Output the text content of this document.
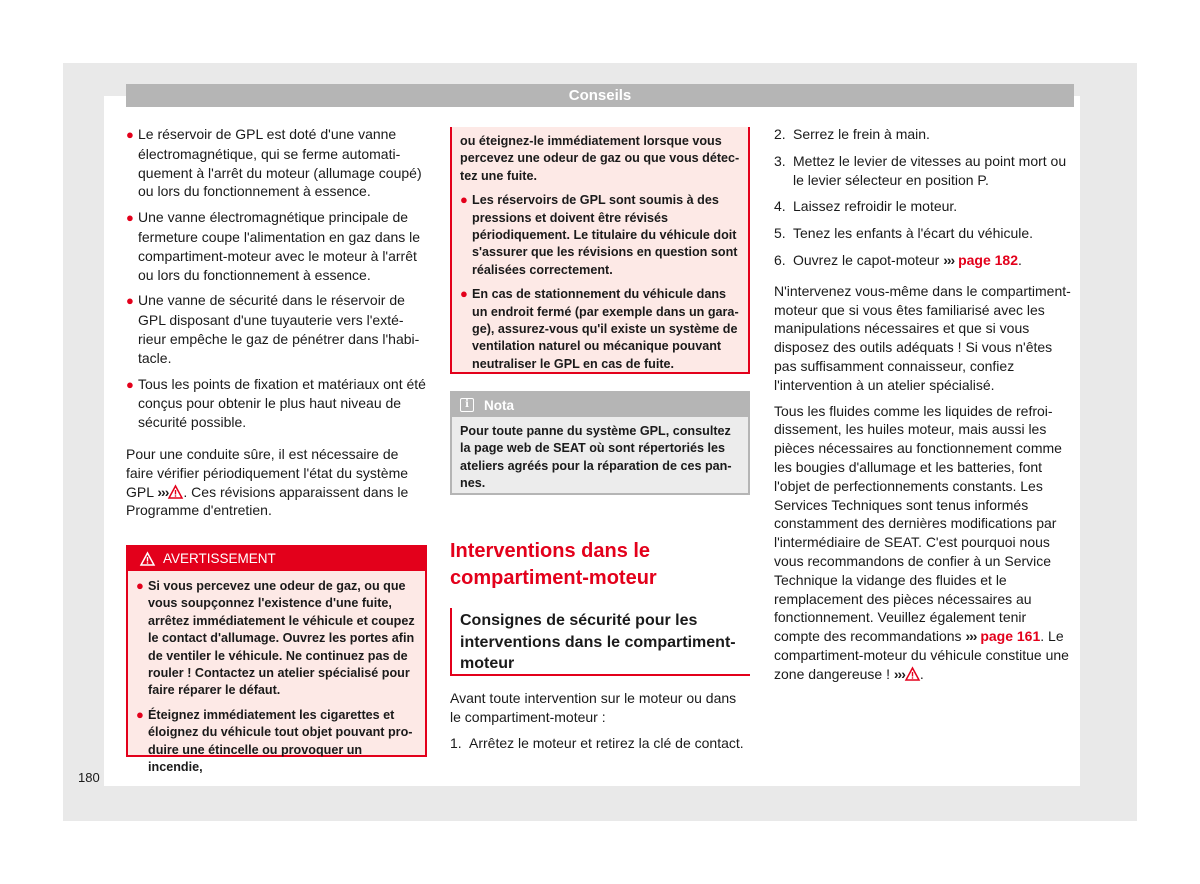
Conseils

● Le réservoir de GPL est doté d'une vanne électromagnétique, qui se ferme automatiquement à l'arrêt du moteur (allumage coupé) ou lors du fonctionnement à essence.

● Une vanne électromagnétique principale de fermeture coupe l'alimentation en gaz dans le compartiment-moteur avec le moteur à l'arrêt ou lors du fonctionnement à essence.

● Une vanne de sécurité dans le réservoir de GPL disposant d'une tuyauterie vers l'extérieur empêche le gaz de pénétrer dans l'habitacle.

● Tous les points de fixation et matériaux ont été conçus pour obtenir le plus haut niveau de sécurité possible.

Pour une conduite sûre, il est nécessaire de faire vérifier périodiquement l'état du système GPL ››› . Ces révisions apparaissent dans le Programme d'entretien.

AVERTISSEMENT

● Si vous percevez une odeur de gaz, ou que vous soupçonnez l'existence d'une fuite, arrêtez immédiatement le véhicule et coupez le contact d'allumage. Ouvrez les portes afin de ventiler le véhicule. Ne continuez pas de rouler ! Contactez un atelier spécialisé pour faire réparer le défaut.

● Éteignez immédiatement les cigarettes et éloignez du véhicule tout objet pouvant produire une étincelle ou provoquer un incendie,

ou éteignez-le immédiatement lorsque vous percevez une odeur de gaz ou que vous détectez une fuite.

● Les réservoirs de GPL sont soumis à des pressions et doivent être révisés périodiquement. Le titulaire du véhicule doit s'assurer que les révisions en question sont réalisées correctement.

● En cas de stationnement du véhicule dans un endroit fermé (par exemple dans un garage), assurez-vous qu'il existe un système de ventilation naturel ou mécanique pouvant neutraliser le GPL en cas de fuite.

i	Nota
Pour toute panne du système GPL, consultez la page web de SEAT où sont répertoriés les ateliers agréés pour la réparation de ces pannes.
Interventions dans le compartiment-moteur
Consignes de sécurité pour les interventions dans le compartimentmoteur

Avant toute intervention sur le moteur ou dans le compartiment-moteur :

1. Arrêtez le moteur et retirez la clé de contact.
2. Serrez le frein à main.
3. Mettez le levier de vitesses au point mort ou le levier sélecteur en position P.
4. Laissez refroidir le moteur.
5. Tenez les enfants à l'écart du véhicule.
6. Ouvrez le capot-moteur ››› page 182.

N'intervenez vous-même dans le compartiment-moteur que si vous êtes familiarisé avec les manipulations nécessaires et que si vous disposez des outils adéquats ! Si vous n'êtes pas suffisamment connaisseur, confiez l'intervention à un atelier spécialisé.

Tous les fluides comme les liquides de refroidissement, les huiles moteur, mais aussi les pièces nécessaires au fonctionnement comme les bougies d'allumage et les batteries, font l'objet de perfectionnements constants. Les Services Techniques sont tenus informés constamment des dernières modifications par l'intermédiaire de SEAT. C'est pourquoi nous vous recommandons de confier à un Service Technique la vidange des fluides et le remplacement des pièces nécessaires au fonctionnement. Veuillez également tenir compte des recommandations ››› page 161. Le compartiment-moteur du véhicule constitue une zone dangereuse ! ››› .

180
